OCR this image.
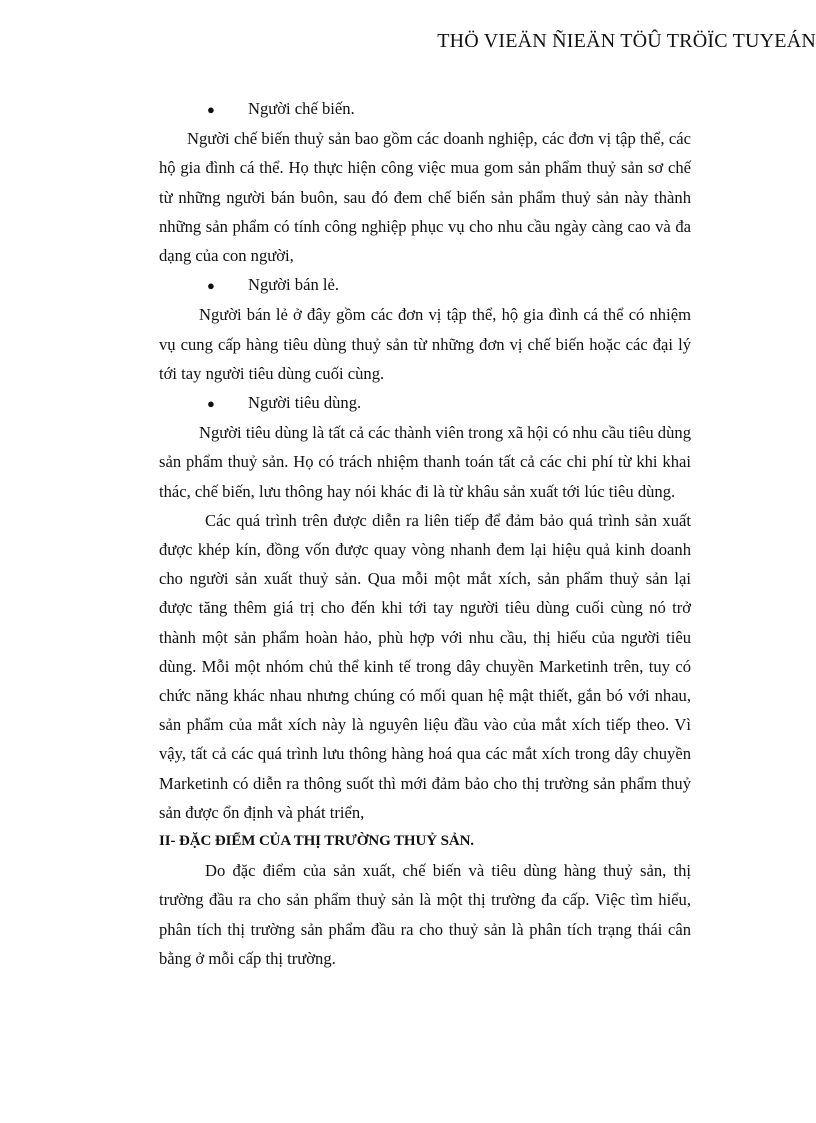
THÖ VIEÄN ÑIEÄN TÖÛ TRÖÏC TUYEÁN
●	Người chế biến.

Người chế biến thuỷ sản bao gồm các doanh nghiệp, các đơn vị tập thể, các hộ gia đình cá thể. Họ thực hiện công việc mua gom sản phẩm thuỷ sản sơ chế từ những người bán buôn, sau đó đem chế biến sản phẩm thuỷ sản này thành những sản phẩm có tính công nghiệp phục vụ cho nhu cầu ngày càng cao và đa dạng của con người,

●	Người bán lẻ.

Người bán lẻ ở đây gồm các đơn vị tập thể, hộ gia đình cá thể có nhiệm vụ cung cấp hàng tiêu dùng thuỷ sản từ những đơn vị chế biến hoặc các đại lý tới tay người tiêu dùng cuối cùng.

●	Người tiêu dùng.

Người tiêu dùng là tất cả các thành viên trong xã hội có nhu cầu tiêu dùng sản phẩm thuỷ sản. Họ có trách nhiệm thanh toán tất cả các chi phí từ khi khai thác, chế biến, lưu thông hay nói khác đi là từ khâu sản xuất tới lúc tiêu dùng.

Các quá trình trên được diễn ra liên tiếp để đảm bảo quá trình sản xuất được khép kín, đồng vốn được quay vòng nhanh đem lại hiệu quả kinh doanh cho người sản xuất thuỷ sản. Qua mỗi một mắt xích, sản phẩm thuỷ sản lại được tăng thêm giá trị cho đến khi tới tay người tiêu dùng cuối cùng nó trở thành một sản phẩm hoàn hảo, phù hợp với nhu cầu, thị hiếu của người tiêu dùng. Mỗi một nhóm chủ thể kinh tế trong dây chuyền Marketinh trên, tuy có chức năng khác nhau nhưng chúng có mối quan hệ mật thiết, gắn bó với nhau, sản phẩm của mắt xích này là nguyên liệu đầu vào của mắt xích tiếp theo. Vì vậy, tất cả các quá trình lưu thông hàng hoá qua các mắt xích trong dây chuyền Marketinh có diễn ra thông suốt thì mới đảm bảo cho thị trường sản phẩm thuỷ sản được ổn định và phát triển,

II- ĐẶC ĐIỂM CỦA THỊ TRƯỜNG THUỶ SẢN.

Do đặc điểm của sản xuất, chế biến và tiêu dùng hàng thuỷ sản, thị trường đầu ra cho sản phẩm thuỷ sản là một thị trường đa cấp. Việc tìm hiểu, phân tích thị trường sản phẩm đầu ra cho thuỷ sản là phân tích trạng thái cân bằng ở mỗi cấp thị trường.
